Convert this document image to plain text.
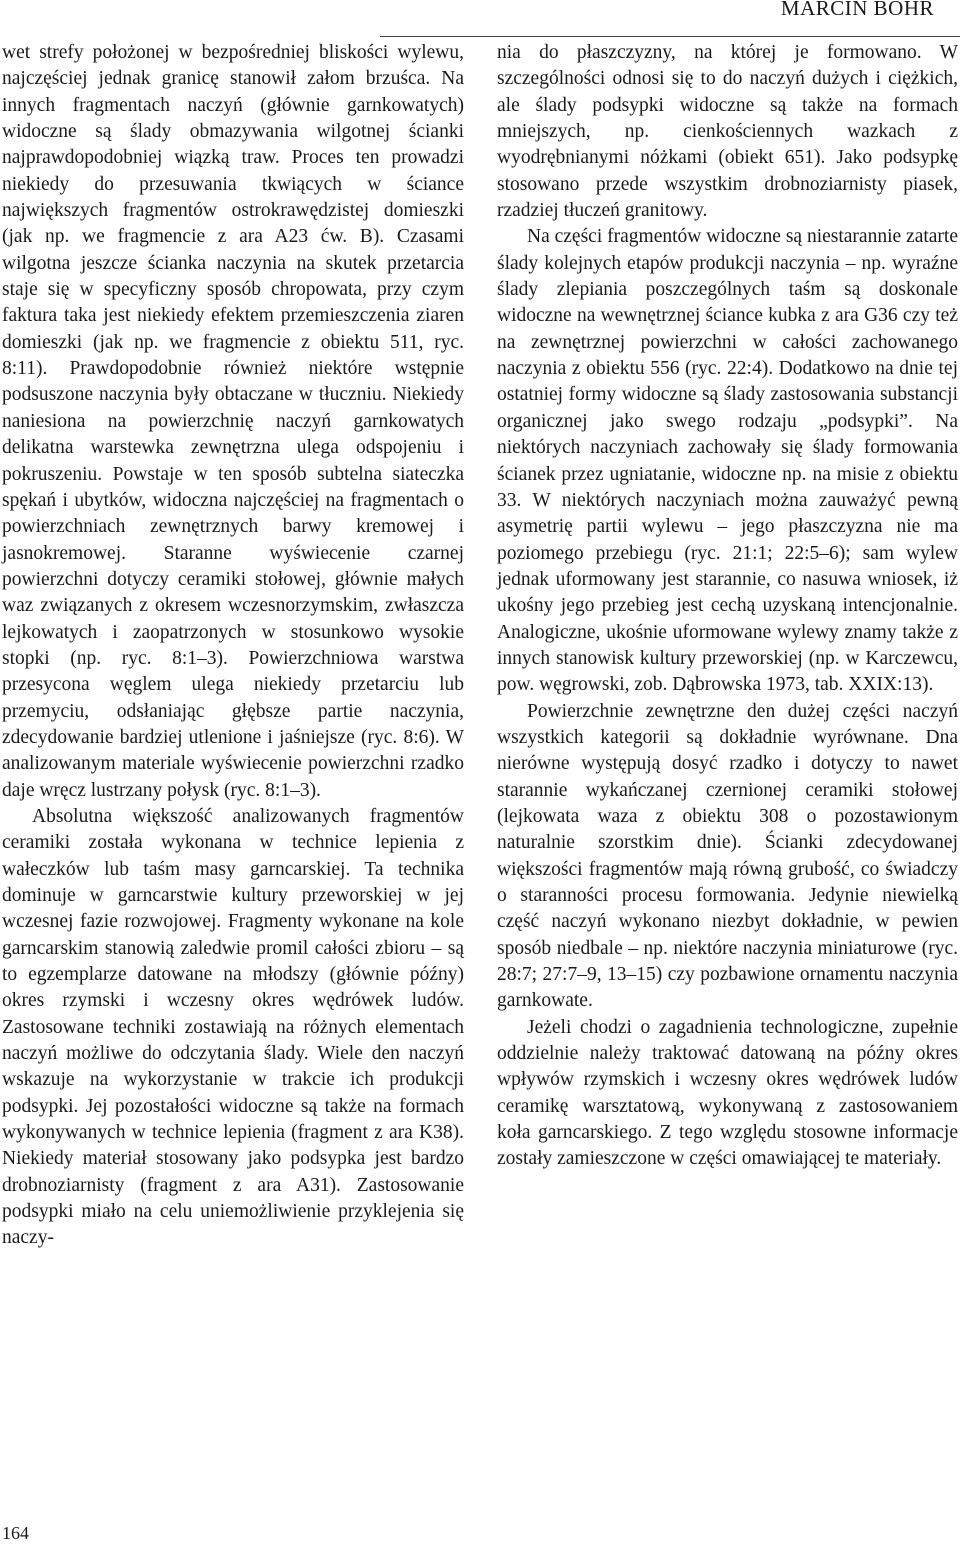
MARCIN BOHR

wet strefy położonej w bezpośredniej bliskości wylewu, najczęściej jednak granicę stanowił załom brzuśca. Na innych fragmentach naczyń (głównie garnkowatych) widoczne są ślady obmazywania wilgotnej ścianki najprawdopodobniej wiązką traw. Proces ten prowadzi niekiedy do przesuwania tkwiących w ściance największych fragmentów ostrokrawędzistej domieszki (jak np. we fragmencie z ara A23 ćw. B). Czasami wilgotna jeszcze ścianka naczynia na skutek przetarcia staje się w specyficzny sposób chropowata, przy czym faktura taka jest niekiedy efektem przemieszczenia ziaren domieszki (jak np. we fragmencie z obiektu 511, ryc. 8:11). Prawdopodobnie również niektóre wstępnie podsuszone naczynia były obtaczane w tłuczniu. Niekiedy naniesiona na powierzchnię naczyń garnkowatych delikatna warstewka zewnętrzna ulega odspojeniu i pokruszeniu. Powstaje w ten sposób subtelna siateczka spękań i ubytków, widoczna najczęściej na fragmentach o powierzchniach zewnętrznych barwy kremowej i jasnokremowej. Staranne wyświecenie czarnej powierzchni dotyczy ceramiki stołowej, głównie małych waz związanych z okresem wczesnorzymskim, zwłaszcza lejkowatych i zaopatrzonych w stosunkowo wysokie stopki (np. ryc. 8:1–3). Powierzchniowa warstwa przesycona węglem ulega niekiedy przetarciu lub przemyciu, odsłaniając głębsze partie naczynia, zdecydowanie bardziej utlenione i jaśniejsze (ryc. 8:6). W analizowanym materiale wyświecenie powierzchni rzadko daje wręcz lustrzany połysk (ryc. 8:1–3).

Absolutna większość analizowanych fragmentów ceramiki została wykonana w technice lepienia z wałeczków lub taśm masy garncarskiej. Ta technika dominuje w garncarstwie kultury przeworskiej w jej wczesnej fazie rozwojowej. Fragmenty wykonane na kole garncarskim stanowią zaledwie promil całości zbioru – są to egzemplarze datowane na młodszy (głównie późny) okres rzymski i wczesny okres wędrówek ludów. Zastosowane techniki zostawiają na różnych elementach naczyń możliwe do odczytania ślady. Wiele den naczyń wskazuje na wykorzystanie w trakcie ich produkcji podsypki. Jej pozostałości widoczne są także na formach wykonywanych w technice lepienia (fragment z ara K38). Niekiedy materiał stosowany jako podsypka jest bardzo drobnoziarnisty (fragment z ara A31). Zastosowanie podsypki miało na celu uniemożliwienie przyklejenia się naczy-

nia do płaszczyzny, na której je formowano. W szczególności odnosi się to do naczyń dużych i ciężkich, ale ślady podsypki widoczne są także na formach mniejszych, np. cienkościennych wazkach z wyodrębnianymi nóżkami (obiekt 651). Jako podsypkę stosowano przede wszystkim drobnoziarnisty piasek, rzadziej tłuczeń granitowy.

Na części fragmentów widoczne są niestarannie zatarte ślady kolejnych etapów produkcji naczynia – np. wyraźne ślady zlepiania poszczególnych taśm są doskonale widoczne na wewnętrznej ściance kubka z ara G36 czy też na zewnętrznej powierzchni w całości zachowanego naczynia z obiektu 556 (ryc. 22:4). Dodatkowo na dnie tej ostatniej formy widoczne są ślady zastosowania substancji organicznej jako swego rodzaju „podsypki”. Na niektórych naczyniach zachowały się ślady formowania ścianek przez ugniatanie, widoczne np. na misie z obiektu 33. W niektórych naczyniach można zauważyć pewną asymetrię partii wylewu – jego płaszczyzna nie ma poziomego przebiegu (ryc. 21:1; 22:5–6); sam wylew jednak uformowany jest starannie, co nasuwa wniosek, iż ukośny jego przebieg jest cechą uzyskaną intencjonalnie. Analogiczne, ukośnie uformowane wylewy znamy także z innych stanowisk kultury przeworskiej (np. w Karczewcu, pow. węgrowski, zob. Dąbrowska 1973, tab. XXIX:13).

Powierzchnie zewnętrzne den dużej części naczyń wszystkich kategorii są dokładnie wyrównane. Dna nierówne występują dosyć rzadko i dotyczy to nawet starannie wykańczanej czernionej ceramiki stołowej (lejkowata waza z obiektu 308 o pozostawionym naturalnie szorstkim dnie). Ścianki zdecydowanej większości fragmentów mają równą grubość, co świadczy o staranności procesu formowania. Jedynie niewielką część naczyń wykonano niezbyt dokładnie, w pewien sposób niedbale – np. niektóre naczynia miniaturowe (ryc. 28:7; 27:7–9, 13–15) czy pozbawione ornamentu naczynia garnkowate.

Jeżeli chodzi o zagadnienia technologiczne, zupełnie oddzielnie należy traktować datowaną na późny okres wpływów rzymskich i wczesny okres wędrówek ludów ceramikę warsztatową, wykonywaną z zastosowaniem koła garncarskiego. Z tego względu stosowne informacje zostały zamieszczone w części omawiającej te materiały.

164
